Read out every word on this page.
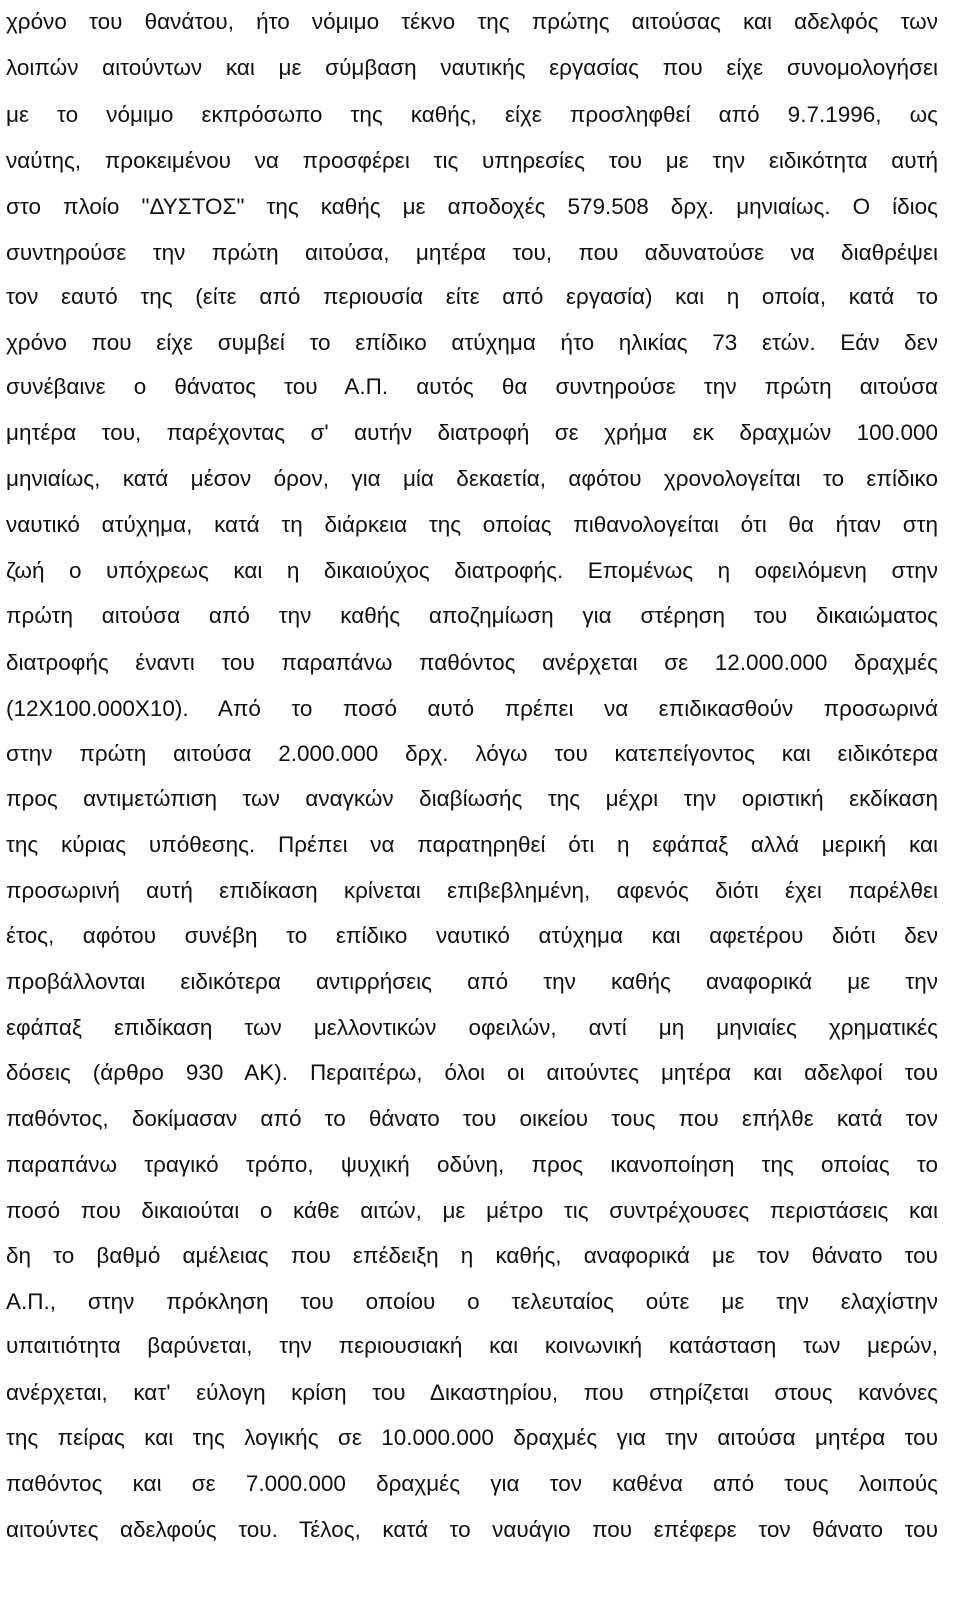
χρόνο του θανάτου, ήτο νόμιμο τέκνο της πρώτης αιτούσας και αδελφός των
λοιπών αιτούντων και με σύμβαση ναυτικής εργασίας που είχε συνομολογήσει
με το νόμιμο εκπρόσωπο της καθής, είχε προσληφθεί από 9.7.1996, ως
ναύτης, προκειμένου να προσφέρει τις υπηρεσίες του με την ειδικότητα αυτή
στο πλοίο "ΔΥΣΤΟΣ" της καθής με αποδοχές 579.508 δρχ. μηνιαίως. Ο ίδιος
συντηρούσε την πρώτη αιτούσα, μητέρα του, που αδυνατούσε να διαθρέψει
τον εαυτό της (είτε από περιουσία είτε από εργασία) και η οποία, κατά το
χρόνο που είχε συμβεί το επίδικο ατύχημα ήτο ηλικίας 73 ετών. Εάν δεν
συνέβαινε ο θάνατος του Α.Π. αυτός θα συντηρούσε την πρώτη αιτούσα
μητέρα του, παρέχοντας σ' αυτήν διατροφή σε χρήμα εκ δραχμών 100.000
μηνιαίως, κατά μέσον όρον, για μία δεκαετία, αφότου χρονολογείται το επίδικο
ναυτικό ατύχημα, κατά τη διάρκεια της οποίας πιθανολογείται ότι θα ήταν στη
ζωή ο υπόχρεως και η δικαιούχος διατροφής. Επομένως η οφειλόμενη στην
πρώτη αιτούσα από την καθής αποζημίωση για στέρηση του δικαιώματος
διατροφής έναντι του παραπάνω παθόντος ανέρχεται σε 12.000.000 δραχμές
(12Χ100.000Χ10). Από το ποσό αυτό πρέπει να επιδικασθούν προσωρινά
στην πρώτη αιτούσα 2.000.000 δρχ. λόγω του κατεπείγοντος και ειδικότερα
προς αντιμετώπιση των αναγκών διαβίωσής της μέχρι την οριστική εκδίκαση
της κύριας υπόθεσης. Πρέπει να παρατηρηθεί ότι η εφάπαξ αλλά μερική και
προσωρινή αυτή επιδίκαση κρίνεται επιβεβλημένη, αφενός διότι έχει παρέλθει
έτος, αφότου συνέβη το επίδικο ναυτικό ατύχημα και αφετέρου διότι δεν
προβάλλονται ειδικότερα αντιρρήσεις από την καθής αναφορικά με την
εφάπαξ επιδίκαση των μελλοντικών οφειλών, αντί μη μηνιαίες χρηματικές
δόσεις (άρθρο 930 ΑΚ). Περαιτέρω, όλοι οι αιτούντες μητέρα και αδελφοί του
παθόντος, δοκίμασαν από το θάνατο του οικείου τους που επήλθε κατά τον
παραπάνω τραγικό τρόπο, ψυχική οδύνη, προς ικανοποίηση της οποίας το
ποσό που δικαιούται ο κάθε αιτών, με μέτρο τις συντρέχουσες περιστάσεις και
δη το βαθμό αμέλειας που επέδειξη η καθής, αναφορικά με τον θάνατο του
Α.Π., στην πρόκληση του οποίου ο τελευταίος ούτε με την ελαχίστην
υπαιτιότητα βαρύνεται, την περιουσιακή και κοινωνική κατάσταση των μερών,
ανέρχεται, κατ' εύλογη κρίση του Δικαστηρίου, που στηρίζεται στους κανόνες
της πείρας και της λογικής σε 10.000.000 δραχμές για την αιτούσα μητέρα του
παθόντος και σε 7.000.000 δραχμές για τον καθένα από τους λοιπούς
αιτούντες αδελφούς του. Τέλος, κατά το ναυάγιο που επέφερε τον θάνατο του
